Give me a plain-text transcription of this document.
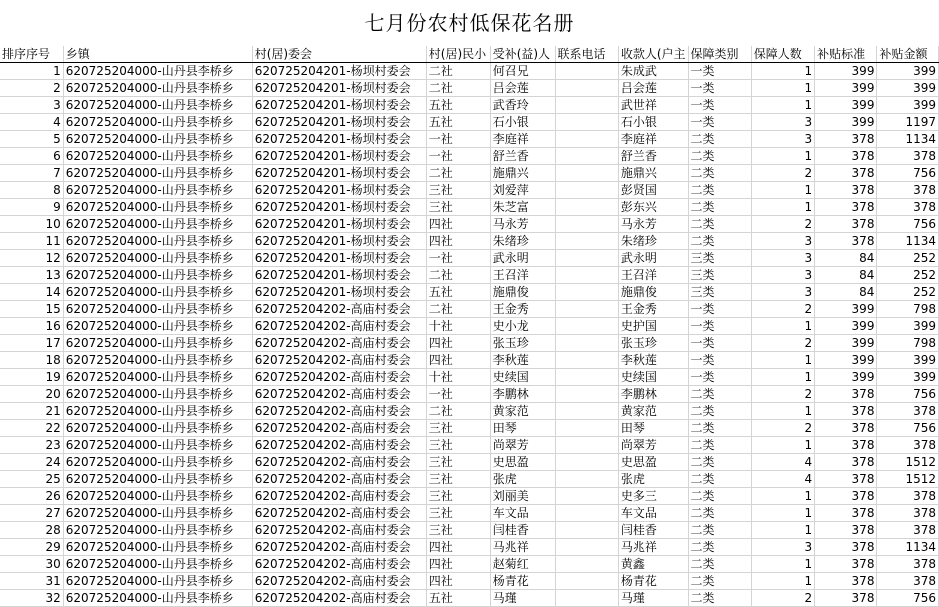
七月份农村低保花名册
排序序号	乡镇	村(居)委会	村(居)民小	受补(益)人	联系电话	收款人(户主	保障类别	保障人数	补贴标准	补贴金额
1	620725204000-山丹县李桥乡	620725204201-杨坝村委会	二社	何召兄		朱成武	一类	1	399	399
2	620725204000-山丹县李桥乡	620725204201-杨坝村委会	二社	吕会莲		吕会莲	一类	1	399	399
3	620725204000-山丹县李桥乡	620725204201-杨坝村委会	五社	武香玲		武世祥	一类	1	399	399
4	620725204000-山丹县李桥乡	620725204201-杨坝村委会	五社	石小银		石小银	一类	3	399	1197
5	620725204000-山丹县李桥乡	620725204201-杨坝村委会	一社	李庭祥		李庭祥	二类	3	378	1134
6	620725204000-山丹县李桥乡	620725204201-杨坝村委会	一社	舒兰香		舒兰香	二类	1	378	378
7	620725204000-山丹县李桥乡	620725204201-杨坝村委会	二社	施鼎兴		施鼎兴	二类	2	378	756
8	620725204000-山丹县李桥乡	620725204201-杨坝村委会	三社	刘爱萍		彭贤国	二类	1	378	378
9	620725204000-山丹县李桥乡	620725204201-杨坝村委会	三社	朱芝富		彭东兴	二类	1	378	378
10	620725204000-山丹县李桥乡	620725204201-杨坝村委会	四社	马永芳		马永芳	二类	2	378	756
11	620725204000-山丹县李桥乡	620725204201-杨坝村委会	四社	朱绪珍		朱绪珍	二类	3	378	1134
12	620725204000-山丹县李桥乡	620725204201-杨坝村委会	一社	武永明		武永明	三类	3	84	252
13	620725204000-山丹县李桥乡	620725204201-杨坝村委会	二社	王召洋		王召洋	三类	3	84	252
14	620725204000-山丹县李桥乡	620725204201-杨坝村委会	五社	施鼎俊		施鼎俊	三类	3	84	252
15	620725204000-山丹县李桥乡	620725204202-高庙村委会	二社	王金秀		王金秀	一类	2	399	798
16	620725204000-山丹县李桥乡	620725204202-高庙村委会	十社	史小龙		史护国	一类	1	399	399
17	620725204000-山丹县李桥乡	620725204202-高庙村委会	四社	张玉珍		张玉珍	一类	2	399	798
18	620725204000-山丹县李桥乡	620725204202-高庙村委会	四社	李秋莲		李秋莲	一类	1	399	399
19	620725204000-山丹县李桥乡	620725204202-高庙村委会	十社	史续国		史续国	一类	1	399	399
20	620725204000-山丹县李桥乡	620725204202-高庙村委会	一社	李鹏林		李鹏林	二类	2	378	756
21	620725204000-山丹县李桥乡	620725204202-高庙村委会	二社	黄家范		黄家范	二类	1	378	378
22	620725204000-山丹县李桥乡	620725204202-高庙村委会	三社	田琴		田琴	二类	2	378	756
23	620725204000-山丹县李桥乡	620725204202-高庙村委会	三社	尚翠芳		尚翠芳	二类	1	378	378
24	620725204000-山丹县李桥乡	620725204202-高庙村委会	三社	史思盈		史思盈	二类	4	378	1512
25	620725204000-山丹县李桥乡	620725204202-高庙村委会	三社	张虎		张虎	二类	4	378	1512
26	620725204000-山丹县李桥乡	620725204202-高庙村委会	三社	刘丽美		史多三	二类	1	378	378
27	620725204000-山丹县李桥乡	620725204202-高庙村委会	三社	车文品		车文品	二类	1	378	378
28	620725204000-山丹县李桥乡	620725204202-高庙村委会	三社	闫桂香		闫桂香	二类	1	378	378
29	620725204000-山丹县李桥乡	620725204202-高庙村委会	四社	马兆祥		马兆祥	二类	3	378	1134
30	620725204000-山丹县李桥乡	620725204202-高庙村委会	四社	赵菊红		黄鑫	二类	1	378	378
31	620725204000-山丹县李桥乡	620725204202-高庙村委会	四社	杨青花		杨青花	二类	1	378	378
32	620725204000-山丹县李桥乡	620725204202-高庙村委会	五社	马瑾		马瑾	二类	2	378	756
